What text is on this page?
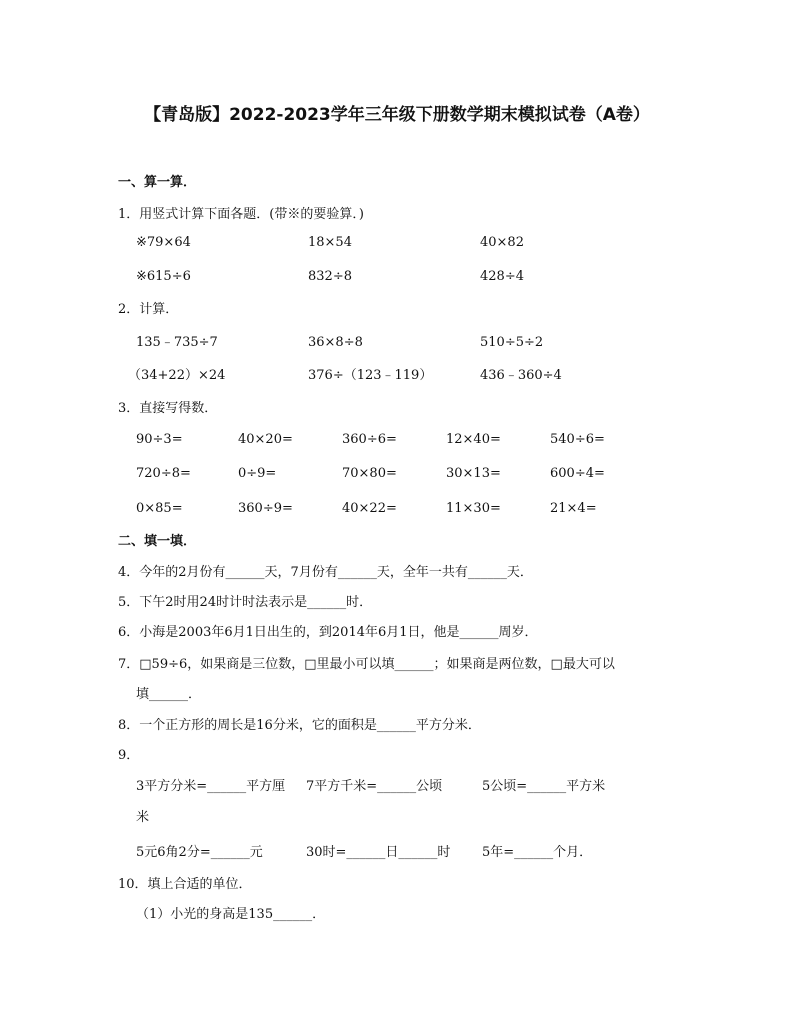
【青岛版】2022-2023学年三年级下册数学期末模拟试卷（A卷）
一、算一算．
1．用竖式计算下面各题．(带※的要验算．)
※79×64	18×54	40×82
※615÷6	832÷8	428÷4
2．计算．
135﹣735÷7	36×8÷8	510÷5÷2
（34+22）×24	376÷（123﹣119）	436﹣360÷4
3．直接写得数．
90÷3=	40×20=	360÷6=	12×40=	540÷6=
720÷8=	0÷9=	70×80=	30×13=	600÷4=
0×85=	360÷9=	40×22=	11×30=	21×4=
二、填一填．
4．今年的2月份有______天，7月份有______天，全年一共有______天．
5．下午2时用24时计时法表示是______时．
6．小海是2003年6月1日出生的，到2014年6月1日，他是______周岁．
7．□59÷6，如果商是三位数，□里最小可以填______；如果商是两位数，□最大可以
填______．
8．一个正方形的周长是16分米，它的面积是______平方分米．
9．
3平方分米=______平方厘 7平方千米=______公顷	5公顷=______平方米
米
5元6角2分=______元	30时=______日______时 5年=______个月．
10．填上合适的单位．
（1）小光的身高是135______．
